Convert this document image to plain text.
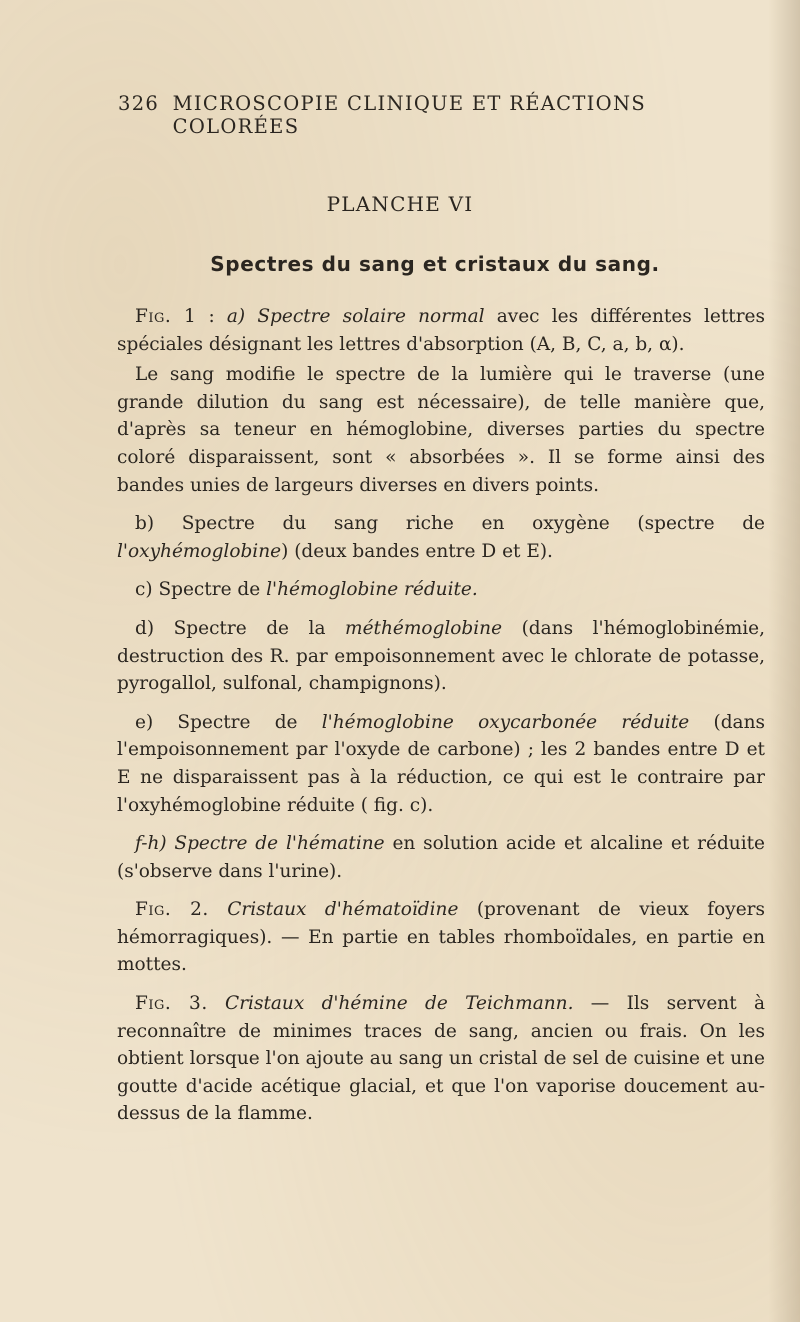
326 MICROSCOPIE CLINIQUE ET RÉACTIONS COLORÉES
PLANCHE VI
Spectres du sang et cristaux du sang.

Fig. 1 : a) Spectre solaire normal avec les différentes lettres spéciales désignant les lettres d'absorption (A, B, C, a, b, α).

Le sang modifie le spectre de la lumière qui le traverse (une grande dilution du sang est nécessaire), de telle manière que, d'après sa teneur en hémoglobine, diverses parties du spectre coloré disparaissent, sont « absorbées ». Il se forme ainsi des bandes unies de largeurs diverses en divers points.

b) Spectre du sang riche en oxygène (spectre de l'oxyhémoglobine) (deux bandes entre D et E).

c) Spectre de l'hémoglobine réduite.

d) Spectre de la méthémoglobine (dans l'hémoglobinémie, destruction des R. par empoisonnement avec le chlorate de potasse, pyrogallol, sulfonal, champignons).

e) Spectre de l'hémoglobine oxycarbonée réduite (dans l'empoisonnement par l'oxyde de carbone) ; les 2 bandes entre D et E ne disparaissent pas à la réduction, ce qui est le contraire par l'oxyhémoglobine réduite ( fig. c).

f-h) Spectre de l'hématine en solution acide et alcaline et réduite (s'observe dans l'urine).

Fig. 2. Cristaux d'hématoïdine (provenant de vieux foyers hémorragiques). — En partie en tables rhomboïdales, en partie en mottes.

Fig. 3. Cristaux d'hémine de Teichmann. — Ils servent à reconnaître de minimes traces de sang, ancien ou frais. On les obtient lorsque l'on ajoute au sang un cristal de sel de cuisine et une goutte d'acide acétique glacial, et que l'on vaporise doucement au-dessus de la flamme.
